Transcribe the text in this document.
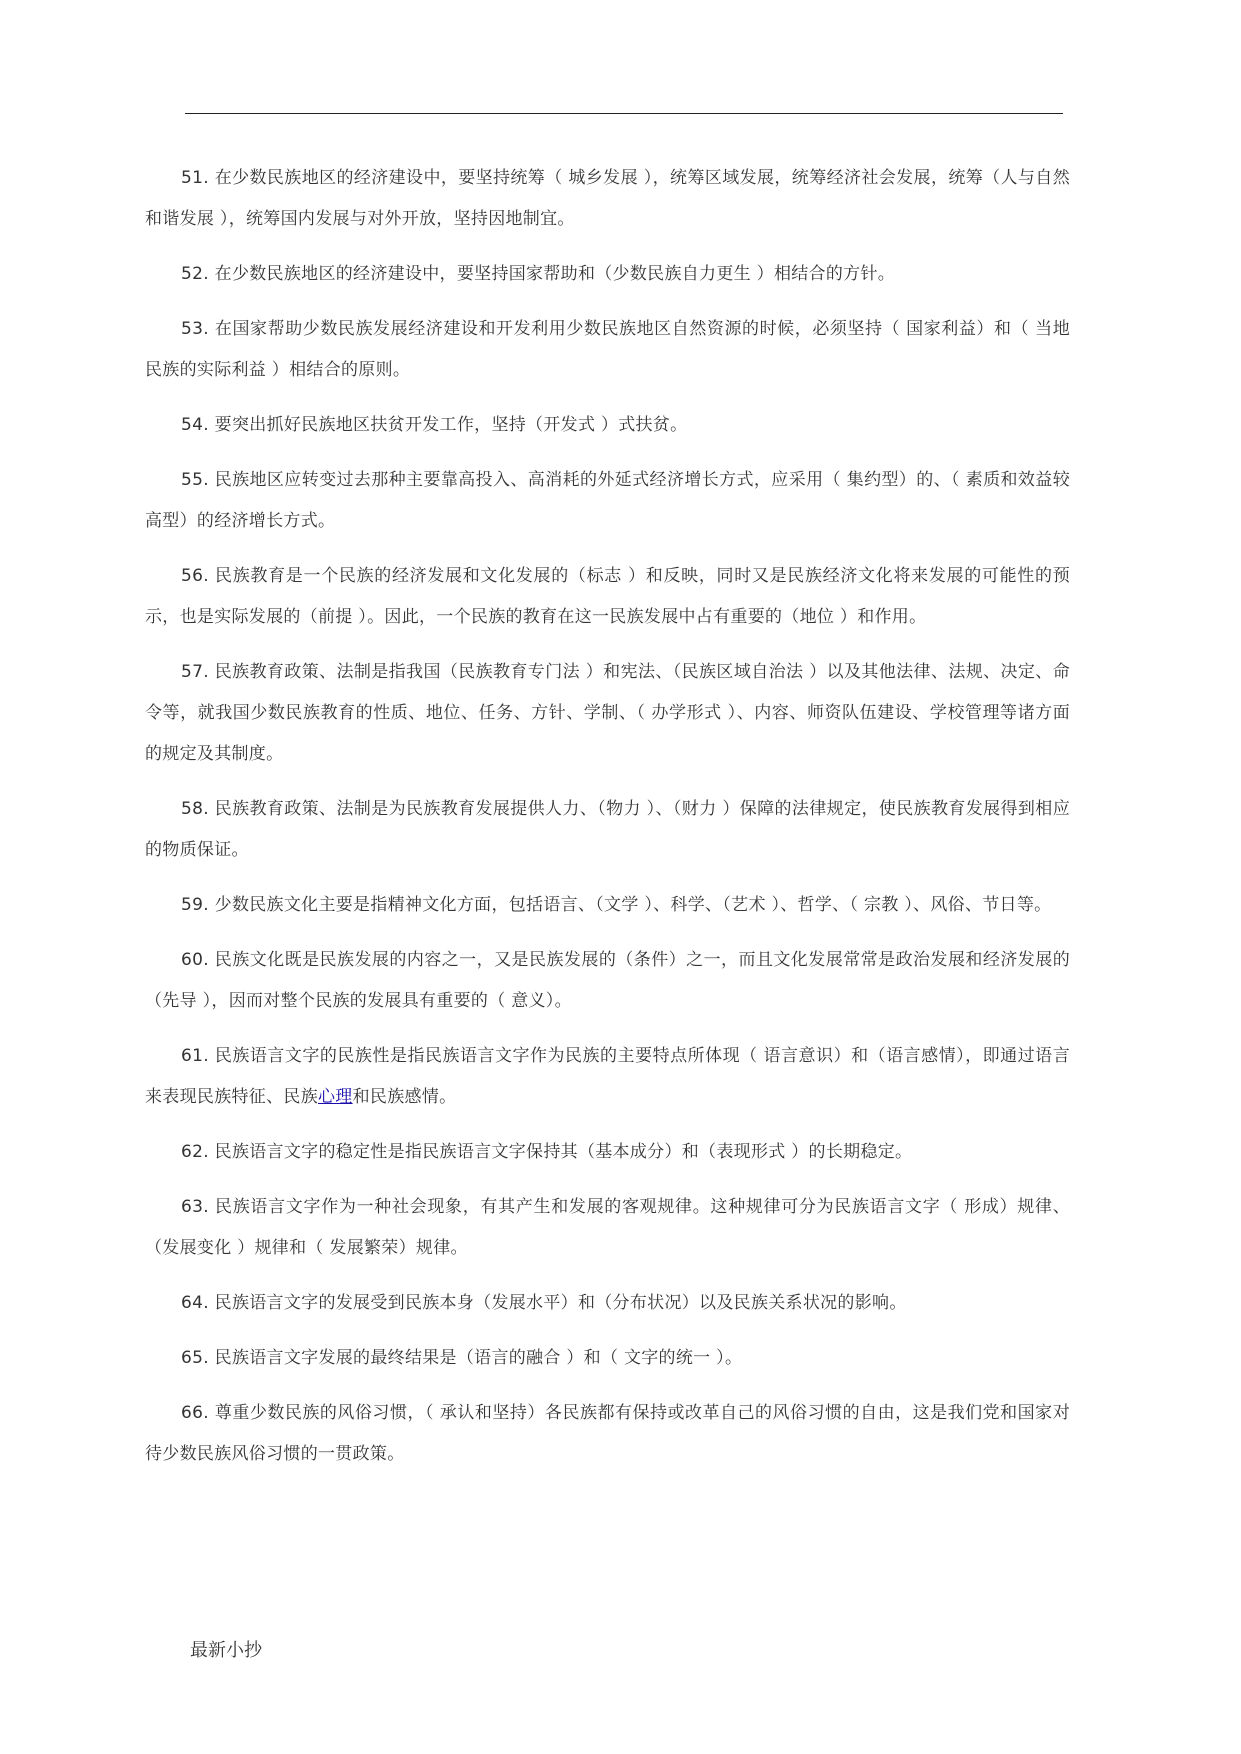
51. 在少数民族地区的经济建设中，要坚持统筹（ 城乡发展 ），统筹区域发展，统筹经济社会发展，统筹（人与自然和谐发展 ），统筹国内发展与对外开放，坚持因地制宜。

52. 在少数民族地区的经济建设中，要坚持国家帮助和（少数民族自力更生 ）相结合的方针。

53. 在国家帮助少数民族发展经济建设和开发利用少数民族地区自然资源的时候，必须坚持（ 国家利益）和（ 当地民族的实际利益 ）相结合的原则。

54. 要突出抓好民族地区扶贫开发工作，坚持（开发式 ）式扶贫。

55. 民族地区应转变过去那种主要靠高投入、高消耗的外延式经济增长方式，应采用（ 集约型）的、（ 素质和效益较高型）的经济增长方式。

56. 民族教育是一个民族的经济发展和文化发展的（标志 ）和反映，同时又是民族经济文化将来发展的可能性的预示，也是实际发展的（前提 ）。因此，一个民族的教育在这一民族发展中占有重要的（地位 ）和作用。

57. 民族教育政策、法制是指我国（民族教育专门法 ）和宪法、（民族区域自治法 ）以及其他法律、法规、决定、命令等，就我国少数民族教育的性质、地位、任务、方针、学制、（ 办学形式 ）、内容、师资队伍建设、学校管理等诸方面的规定及其制度。

58. 民族教育政策、法制是为民族教育发展提供人力、（物力 ）、（财力 ）保障的法律规定，使民族教育发展得到相应的物质保证。

59. 少数民族文化主要是指精神文化方面，包括语言、（文学 ）、科学、（艺术 ）、哲学、（ 宗教 ）、风俗、节日等。

60. 民族文化既是民族发展的内容之一，又是民族发展的（条件）之一，而且文化发展常常是政治发展和经济发展的（先导 ），因而对整个民族的发展具有重要的（ 意义）。

61. 民族语言文字的民族性是指民族语言文字作为民族的主要特点所体现（ 语言意识）和（语言感情），即通过语言来表现民族特征、民族心理和民族感情。

62. 民族语言文字的稳定性是指民族语言文字保持其（基本成分）和（表现形式 ）的长期稳定。

63. 民族语言文字作为一种社会现象，有其产生和发展的客观规律。这种规律可分为民族语言文字（ 形成）规律、（发展变化 ）规律和（ 发展繁荣）规律。

64. 民族语言文字的发展受到民族本身（发展水平）和（分布状况）以及民族关系状况的影响。

65. 民族语言文字发展的最终结果是（语言的融合 ）和（ 文字的统一 ）。

66. 尊重少数民族的风俗习惯，（ 承认和坚持）各民族都有保持或改革自己的风俗习惯的自由，这是我们党和国家对待少数民族风俗习惯的一贯政策。

最新小抄
